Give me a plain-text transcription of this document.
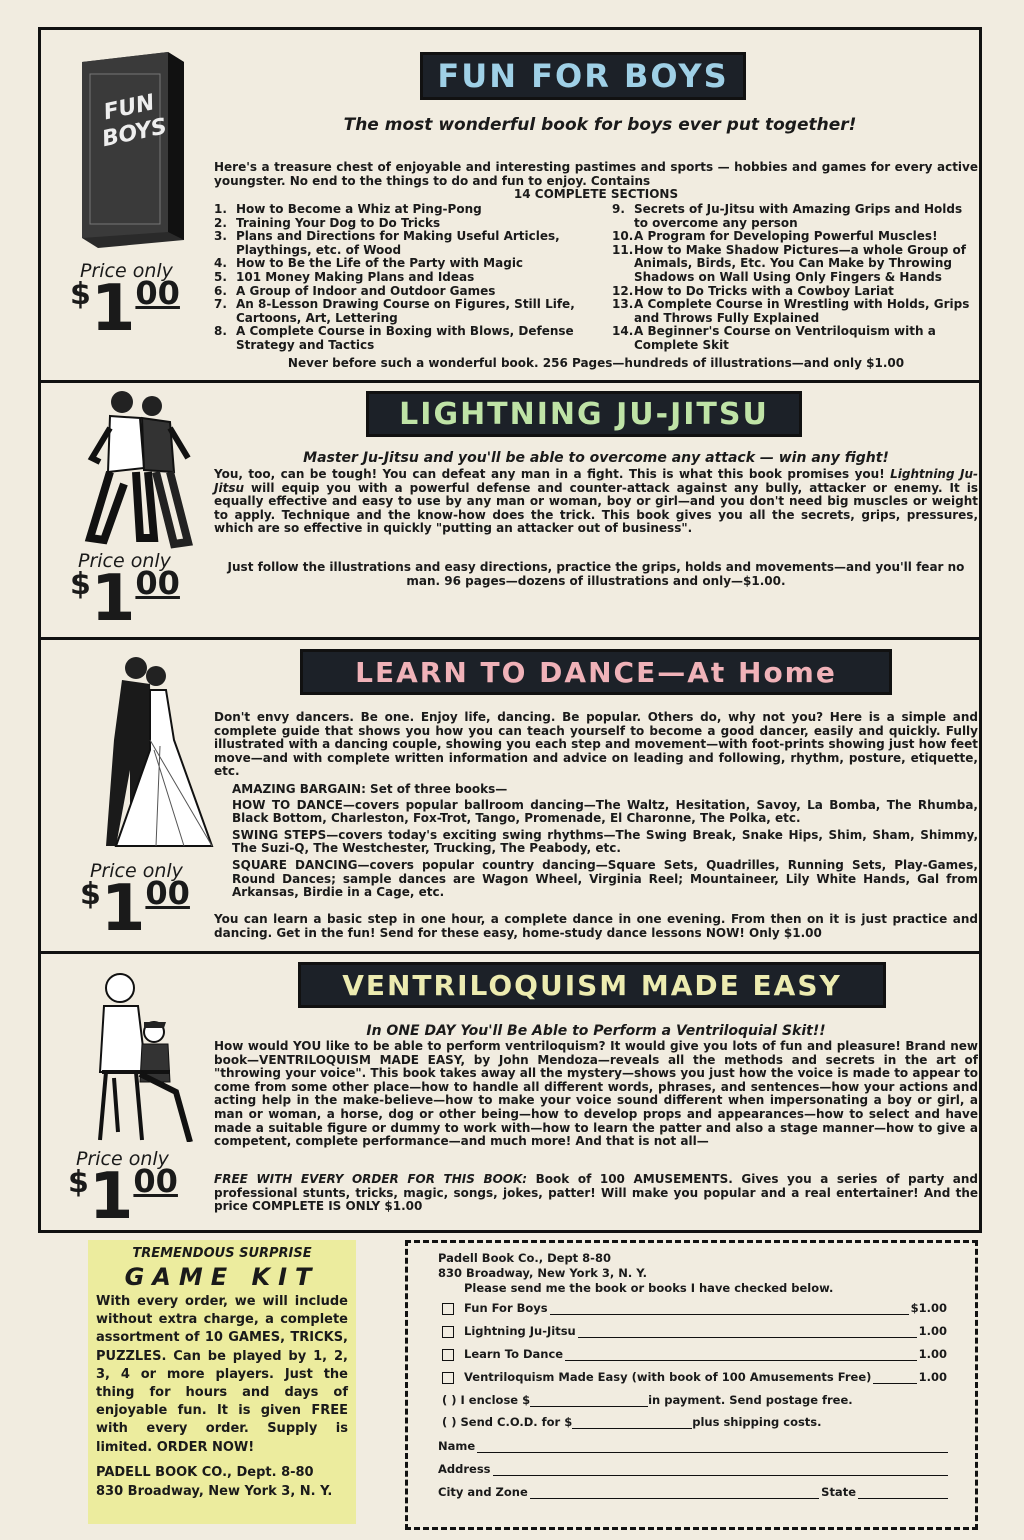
FUN BOYS
Price only
$100
FUN FOR BOYS
The most wonderful book for boys ever put together!

Here's a treasure chest of enjoyable and interesting pastimes and sports — hobbies and games for every active youngster. No end to the things to do and fun to enjoy. Contains

14 COMPLETE SECTIONS

1. How to Become a Whiz at Ping-Pong
2. Training Your Dog to Do Tricks
3. Plans and Directions for Making Useful Articles, Playthings, etc. of Wood
4. How to Be the Life of the Party with Magic
5. 101 Money Making Plans and Ideas
6. A Group of Indoor and Outdoor Games
7. An 8-Lesson Drawing Course on Figures, Still Life, Cartoons, Art, Lettering
8. A Complete Course in Boxing with Blows, Defense Strategy and Tactics
9. Secrets of Ju-Jitsu with Amazing Grips and Holds to overcome any person
10. A Program for Developing Powerful Muscles!
11. How to Make Shadow Pictures—a whole Group of Animals, Birds, Etc. You Can Make by Throwing Shadows on Wall Using Only Fingers & Hands
12. How to Do Tricks with a Cowboy Lariat
13. A Complete Course in Wrestling with Holds, Grips and Throws Fully Explained
14. A Beginner's Course on Ventriloquism with a Complete Skit
Never before such a wonderful book. 256 Pages—hundreds of illustrations—and only $1.00
Price only
$100
LIGHTNING JU-JITSU
Master Ju-Jitsu and you'll be able to overcome any attack — win any fight!

You, too, can be tough! You can defeat any man in a fight. This is what this book promises you! Lightning Ju-Jitsu will equip you with a powerful defense and counter-attack against any bully, attacker or enemy. It is equally effective and easy to use by any man or woman, boy or girl—and you don't need big muscles or weight to apply. Technique and the know-how does the trick. This book gives you all the secrets, grips, pressures, which are so effective in quickly "putting an attacker out of business".

Just follow the illustrations and easy directions, practice the grips, holds and movements—and you'll fear no man. 96 pages—dozens of illustrations and only—$1.00.
Price only
$100
LEARN TO DANCE —At Home
Don't envy dancers. Be one. Enjoy life, dancing. Be popular. Others do, why not you? Here is a simple and complete guide that shows you how you can teach yourself to become a good dancer, easily and quickly. Fully illustrated with a dancing couple, showing you each step and movement—with foot-prints showing just how feet move—and with complete written information and advice on leading and following, rhythm, posture, etiquette, etc.

AMAZING BARGAIN: Set of three books—

HOW TO DANCE—covers popular ballroom dancing—The Waltz, Hesitation, Savoy, La Bomba, The Rhumba, Black Bottom, Charleston, Fox-Trot, Tango, Promenade, El Charonne, The Polka, etc.

SWING STEPS—covers today's exciting swing rhythms—The Swing Break, Snake Hips, Shim, Sham, Shimmy, The Suzi-Q, The Westchester, Trucking, The Peabody, etc.

SQUARE DANCING—covers popular country dancing—Square Sets, Quadrilles, Running Sets, Play-Games, Round Dances; sample dances are Wagon Wheel, Virginia Reel; Mountaineer, Lily White Hands, Gal from Arkansas, Birdie in a Cage, etc.

You can learn a basic step in one hour, a complete dance in one evening. From then on it is just practice and dancing. Get in the fun! Send for these easy, home-study dance lessons NOW! Only $1.00
Price only
$100
VENTRILOQUISM MADE EASY
In ONE DAY You'll Be Able to Perform a Ventriloquial Skit!!
How would YOU like to be able to perform ventriloquism? It would give you lots of fun and pleasure! Brand new book—VENTRILOQUISM MADE EASY, by John Mendoza—reveals all the methods and secrets in the art of "throwing your voice". This book takes away all the mystery—shows you just how the voice is made to appear to come from some other place—how to handle all different words, phrases, and sentences—how your actions and acting help in the make-believe—how to make your voice sound different when impersonating a boy or girl, a man or woman, a horse, dog or other being—how to develop props and appearances—how to select and have made a suitable figure or dummy to work with—how to learn the patter and also a stage manner—how to give a competent, complete performance—and much more! And that is not all—

FREE WITH EVERY ORDER FOR THIS BOOK: Book of 100 AMUSEMENTS. Gives you a series of party and professional stunts, tricks, magic, songs, jokes, patter! Will make you popular and a real entertainer! And the price COMPLETE IS ONLY $1.00

TREMENDOUS SURPRISE
GAME KIT
With every order, we will include without extra charge, a complete assortment of 10 GAMES, TRICKS, PUZZLES. Can be played by 1, 2, 3, 4 or more players. Just the thing for hours and days of enjoyable fun. It is given FREE with every order. Supply is limited. ORDER NOW!
PADELL BOOK CO., Dept. 8-80
830 Broadway, New York 3, N. Y.
Padell Book Co., Dept 8-80
830 Broadway, New York 3, N. Y.
Please send me the book or books I have checked below.
Fun For Boys	$1.00
Lightning Ju-Jitsu	1.00
Learn To Dance	1.00
Ventriloquism Made Easy (with book of 100 Amusements Free)	1.00
( ) I enclose $	in payment. Send postage free.
( ) Send C.O.D. for $	plus shipping costs.
Name
Address
City and Zone	State
